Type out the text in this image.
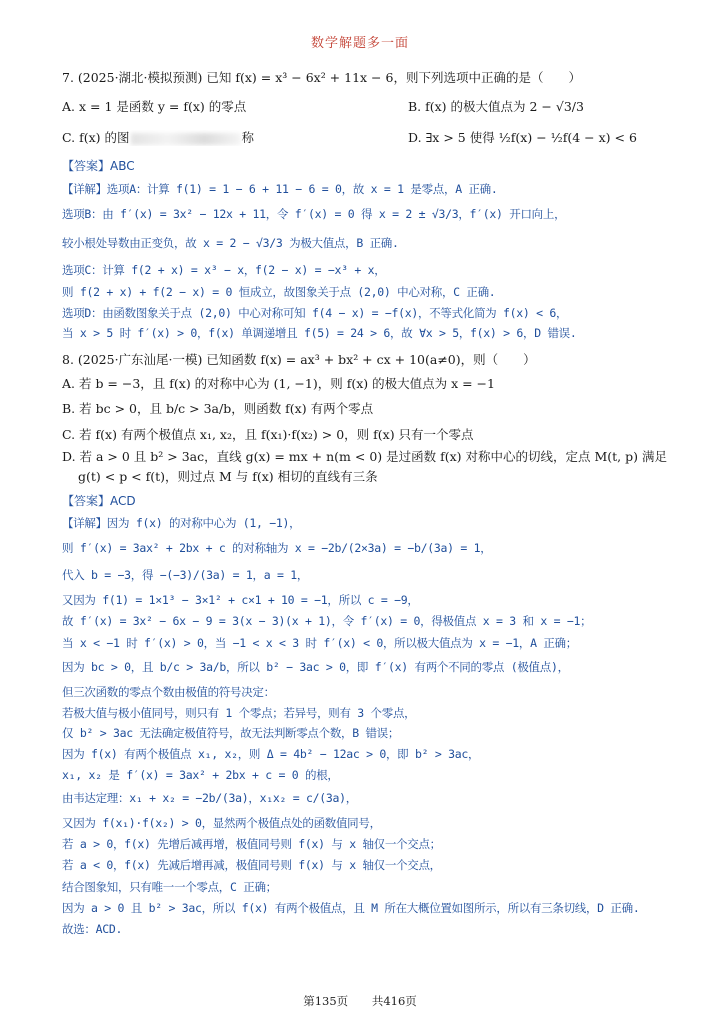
数学解题多一面
7. (2025·湖北·模拟预测) 已知 f(x) = x³ − 6x² + 11x − 6，则下列选项中正确的是（　　）
A. x = 1 是函数 y = f(x) 的零点	B. f(x) 的极大值点为 2 − √3/3
C. f(x) 的图	称	D. ∃x > 5 使得 ½f(x) − ½f(4 − x) < 6
【答案】ABC
【详解】选项A：计算 f(1) = 1 − 6 + 11 − 6 = 0，故 x = 1 是零点，A 正确.
选项B：由 f′(x) = 3x² − 12x + 11，令 f′(x) = 0 得 x = 2 ± √3/3，f′(x) 开口向上，
较小根处导数由正变负，故 x = 2 − √3/3 为极大值点，B 正确.
选项C：计算 f(2 + x) = x³ − x，f(2 − x) = −x³ + x，
则 f(2 + x) + f(2 − x) = 0 恒成立，故图象关于点 (2,0) 中心对称，C 正确.
选项D：由函数图象关于点 (2,0) 中心对称可知 f(4 − x) = −f(x)，不等式化简为 f(x) < 6，
当 x > 5 时 f′(x) > 0，f(x) 单调递增且 f(5) = 24 > 6，故 ∀x > 5，f(x) > 6，D 错误.
8. (2025·广东汕尾·一模) 已知函数 f(x) = ax³ + bx² + cx + 10(a≠0)，则（　　）
A. 若 b = −3，且 f(x) 的对称中心为 (1, −1)，则 f(x) 的极大值点为 x = −1
B. 若 bc > 0，且 b/c > 3a/b，则函数 f(x) 有两个零点
C. 若 f(x) 有两个极值点 x₁, x₂，且 f(x₁)·f(x₂) > 0，则 f(x) 只有一个零点
D. 若 a > 0 且 b² > 3ac，直线 g(x) = mx + n(m < 0) 是过函数 f(x) 对称中心的切线，定点 M(t, p) 满足
g(t) < p < f(t)，则过点 M 与 f(x) 相切的直线有三条
【答案】ACD
【详解】因为 f(x) 的对称中心为 (1, −1)，
则 f′(x) = 3ax² + 2bx + c 的对称轴为 x = −2b/(2×3a) = −b/(3a) = 1，
代入 b = −3，得 −(−3)/(3a) = 1，a = 1，
又因为 f(1) = 1×1³ − 3×1² + c×1 + 10 = −1，所以 c = −9，
故 f′(x) = 3x² − 6x − 9 = 3(x − 3)(x + 1)，令 f′(x) = 0，得极值点 x = 3 和 x = −1；
当 x < −1 时 f′(x) > 0，当 −1 < x < 3 时 f′(x) < 0，所以极大值点为 x = −1，A 正确；
因为 bc > 0，且 b/c > 3a/b，所以 b² − 3ac > 0，即 f′(x) 有两个不同的零点 (极值点)，
但三次函数的零点个数由极值的符号决定：
若极大值与极小值同号，则只有 1 个零点；若异号，则有 3 个零点，
仅 b² > 3ac 无法确定极值符号，故无法判断零点个数，B 错误；
因为 f(x) 有两个极值点 x₁, x₂，则 Δ = 4b² − 12ac > 0，即 b² > 3ac，
x₁, x₂ 是 f′(x) = 3ax² + 2bx + c = 0 的根，
由韦达定理：x₁ + x₂ = −2b/(3a)，x₁x₂ = c/(3a)，
又因为 f(x₁)·f(x₂) > 0，显然两个极值点处的函数值同号，
若 a > 0，f(x) 先增后减再增，极值同号则 f(x) 与 x 轴仅一个交点；
若 a < 0，f(x) 先减后增再减，极值同号则 f(x) 与 x 轴仅一个交点，
结合图象知，只有唯一一个零点，C 正确；
因为 a > 0 且 b² > 3ac，所以 f(x) 有两个极值点，且 M 所在大概位置如图所示，所以有三条切线，D 正确.
故选：ACD.
第135页 共416页
